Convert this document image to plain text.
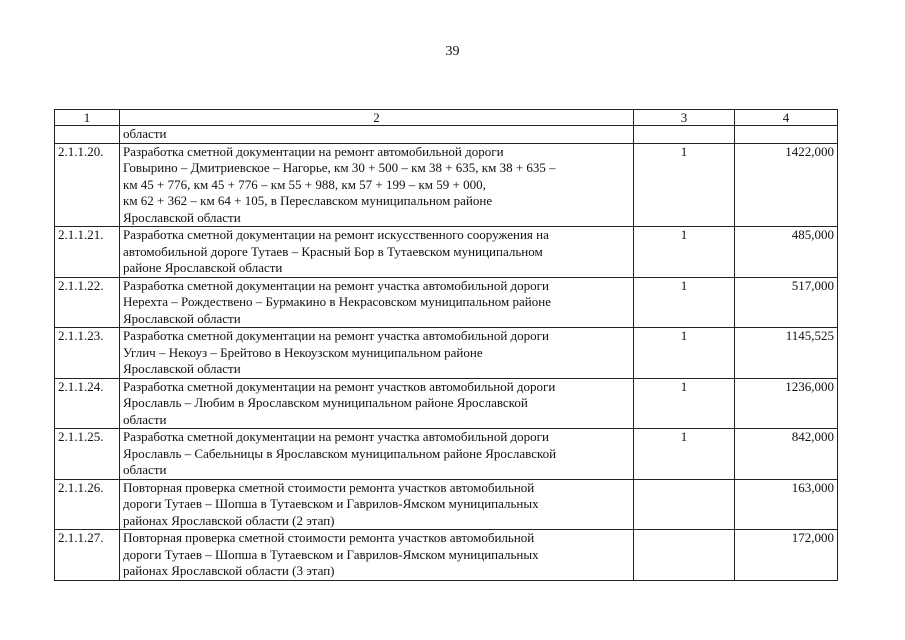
39
1	2	3	4
	области		
2.1.1.20.	Разработка сметной документации на ремонт автомобильной дороги
Говырино – Дмитриевское – Нагорье, км 30 + 500 – км 38 + 635, км 38 + 635 –
км 45 + 776, км 45 + 776 – км 55 + 988, км 57 + 199 – км 59 + 000,
км 62 + 362 – км 64 + 105, в Переславском муниципальном районе
Ярославской области	1	1422,000
2.1.1.21.	Разработка сметной документации на ремонт искусственного сооружения на
автомобильной дороге Тутаев – Красный Бор в Тутаевском муниципальном
районе Ярославской области	1	485,000
2.1.1.22.	Разработка сметной документации на ремонт участка автомобильной дороги
Нерехта – Рождествено – Бурмакино в Некрасовском муниципальном районе
Ярославской области	1	517,000
2.1.1.23.	Разработка сметной документации на ремонт участка автомобильной дороги
Углич – Некоуз – Брейтово в Некоузском муниципальном районе
Ярославской области	1	1145,525
2.1.1.24.	Разработка сметной документации на ремонт участков автомобильной дороги
Ярославль – Любим в Ярославском муниципальном районе Ярославской
области	1	1236,000
2.1.1.25.	Разработка сметной документации на ремонт участка автомобильной дороги
Ярославль – Сабельницы в Ярославском муниципальном районе Ярославской
области	1	842,000
2.1.1.26.	Повторная проверка сметной стоимости ремонта участков автомобильной
дороги Тутаев – Шопша в Тутаевском и Гаврилов-Ямском муниципальных
районах Ярославской области (2 этап)		163,000
2.1.1.27.	Повторная проверка сметной стоимости ремонта участков автомобильной
дороги Тутаев – Шопша в Тутаевском и Гаврилов-Ямском муниципальных
районах Ярославской области (3 этап)		172,000
